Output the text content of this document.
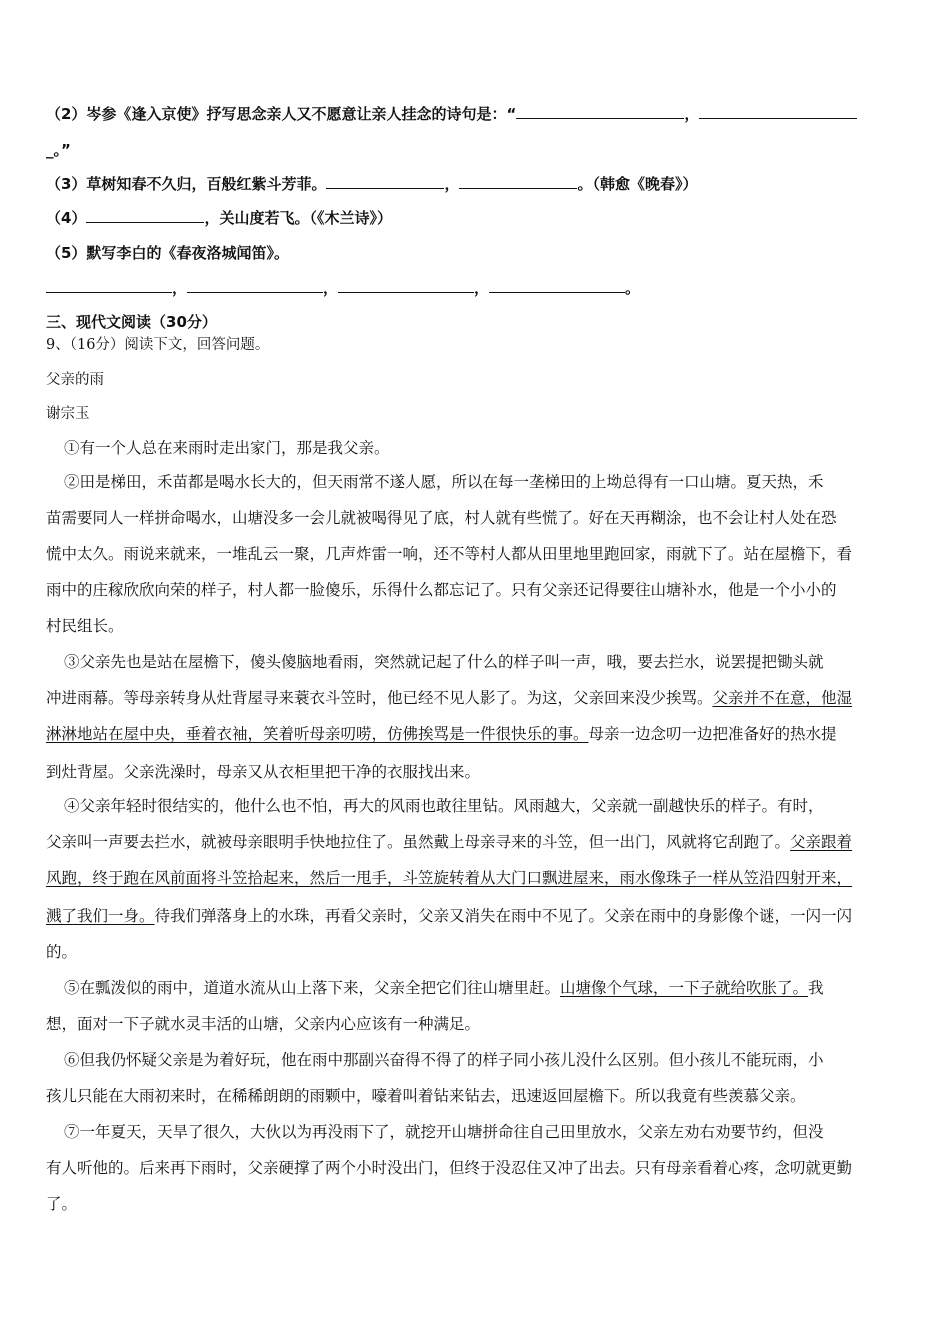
（2）岑参《逢入京使》抒写思念亲人又不愿意让亲人挂念的诗句是：“	，
_。”
（3）草树知春不久归，百般红紫斗芳菲。	，	。（韩愈《晚春》）
（4）	，关山度若飞。（《木兰诗》）
（5）默写李白的《春夜洛城闻笛》。
，	，	，	。
三、现代文阅读（30分）
9、（16分）阅读下文，回答问题。
父亲的雨
谢宗玉
①有一个人总在来雨时走出家门，那是我父亲。
②田是梯田，禾苗都是喝水长大的，但天雨常不遂人愿，所以在每一垄梯田的上坳总得有一口山塘。夏天热，禾
苗需要同人一样拼命喝水，山塘没多一会儿就被喝得见了底，村人就有些慌了。好在天再糊涂，也不会让村人处在恐
慌中太久。雨说来就来，一堆乱云一聚，几声炸雷一响，还不等村人都从田里地里跑回家，雨就下了。站在屋檐下，看
雨中的庄稼欣欣向荣的样子，村人都一脸傻乐，乐得什么都忘记了。只有父亲还记得要往山塘补水，他是一个小小的
村民组长。
③父亲先也是站在屋檐下，傻头傻脑地看雨，突然就记起了什么的样子叫一声，哦，要去拦水，说罢提把锄头就
冲进雨幕。等母亲转身从灶背屋寻来蓑衣斗笠时，他已经不见人影了。为这，父亲回来没少挨骂。父亲并不在意，他湿
淋淋地站在屋中央，垂着衣袖，笑着听母亲叨唠，仿佛挨骂是一件很快乐的事。母亲一边念叨一边把准备好的热水提
到灶背屋。父亲洗澡时，母亲又从衣柜里把干净的衣服找出来。
④父亲年轻时很结实的，他什么也不怕，再大的风雨也敢往里钻。风雨越大，父亲就一副越快乐的样子。有时，
父亲叫一声要去拦水，就被母亲眼明手快地拉住了。虽然戴上母亲寻来的斗笠，但一出门，风就将它刮跑了。父亲跟着
风跑，终于跑在风前面将斗笠拾起来，然后一甩手，斗笠旋转着从大门口飘进屋来，雨水像珠子一样从笠沿四射开来，
溅了我们一身。待我们弹落身上的水珠，再看父亲时，父亲又消失在雨中不见了。父亲在雨中的身影像个谜，一闪一闪
的。
⑤在瓢泼似的雨中，道道水流从山上落下来，父亲全把它们往山塘里赶。山塘像个气球，一下子就给吹胀了。我
想，面对一下子就水灵丰活的山塘，父亲内心应该有一种满足。
⑥但我仍怀疑父亲是为着好玩，他在雨中那副兴奋得不得了的样子同小孩儿没什么区别。但小孩儿不能玩雨，小
孩儿只能在大雨初来时，在稀稀朗朗的雨颗中，嚎着叫着钻来钻去，迅速返回屋檐下。所以我竟有些羡慕父亲。
⑦一年夏天，天旱了很久，大伙以为再没雨下了，就挖开山塘拼命往自己田里放水，父亲左劝右劝要节约，但没
有人听他的。后来再下雨时，父亲硬撑了两个小时没出门，但终于没忍住又冲了出去。只有母亲看着心疼，念叨就更勤
了。
